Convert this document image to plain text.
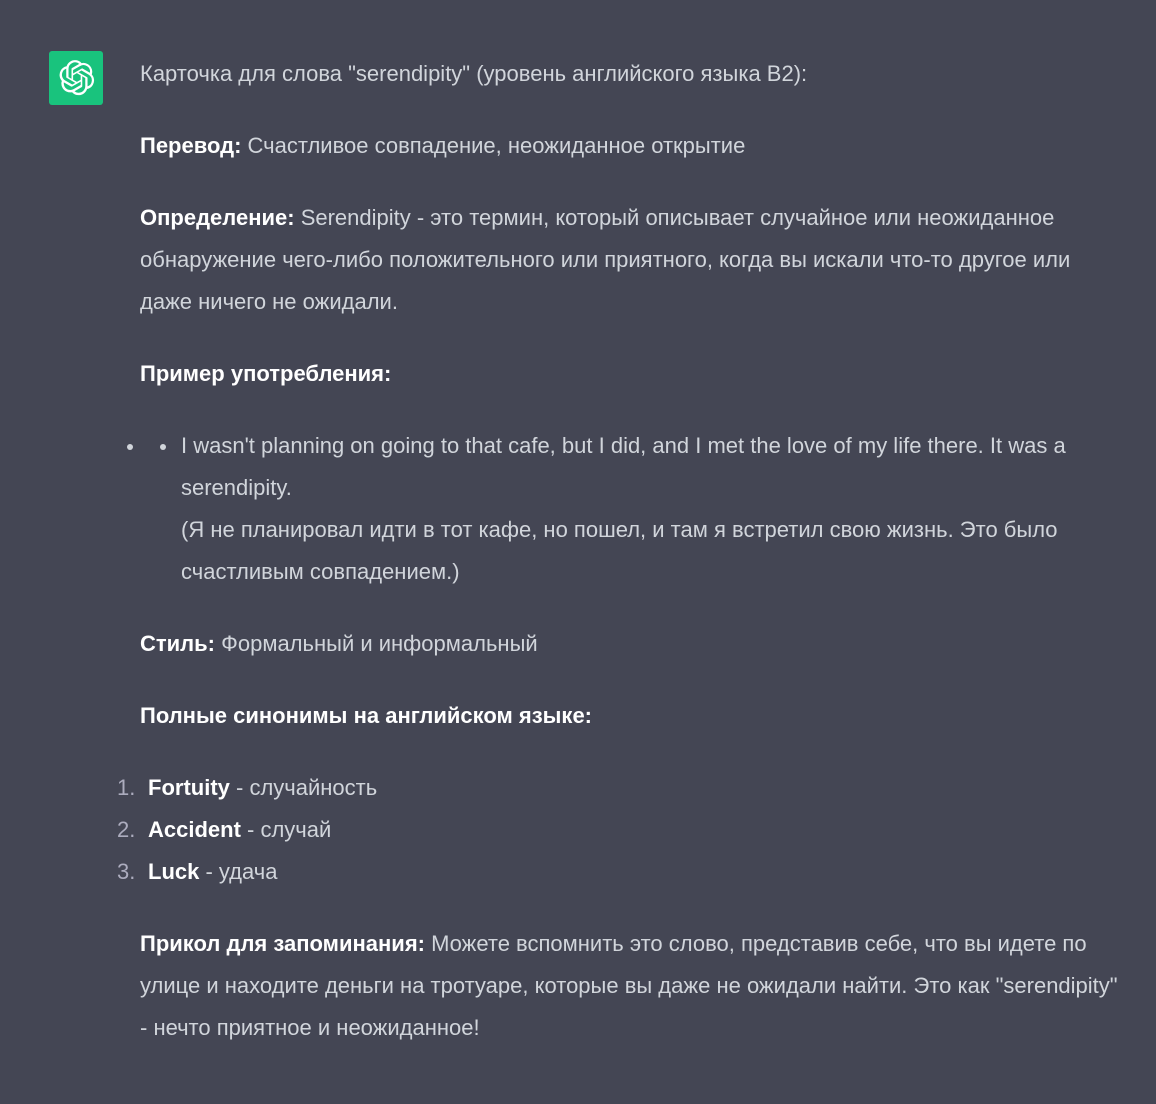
Карточка для слова "serendipity" (уровень английского языка B2):

Перевод: Счастливое совпадение, неожиданное открытие

Определение: Serendipity - это термин, который описывает случайное или неожиданное обнаружение чего-либо положительного или приятного, когда вы искали что-то другое или даже ничего не ожидали.

Пример употребления:

I wasn't planning on going to that cafe, but I did, and I met the love of my life there. It was a serendipity.
(Я не планировал идти в тот кафе, но пошел, и там я встретил свою жизнь. Это было счастливым совпадением.)

Стиль: Формальный и информальный

Полные синонимы на английском языке:

1. Fortuity - случайность
2. Accident - случай
3. Luck - удача

Прикол для запоминания: Можете вспомнить это слово, представив себе, что вы идете по улице и находите деньги на тротуаре, которые вы даже не ожидали найти. Это как "serendipity" - нечто приятное и неожиданное!
